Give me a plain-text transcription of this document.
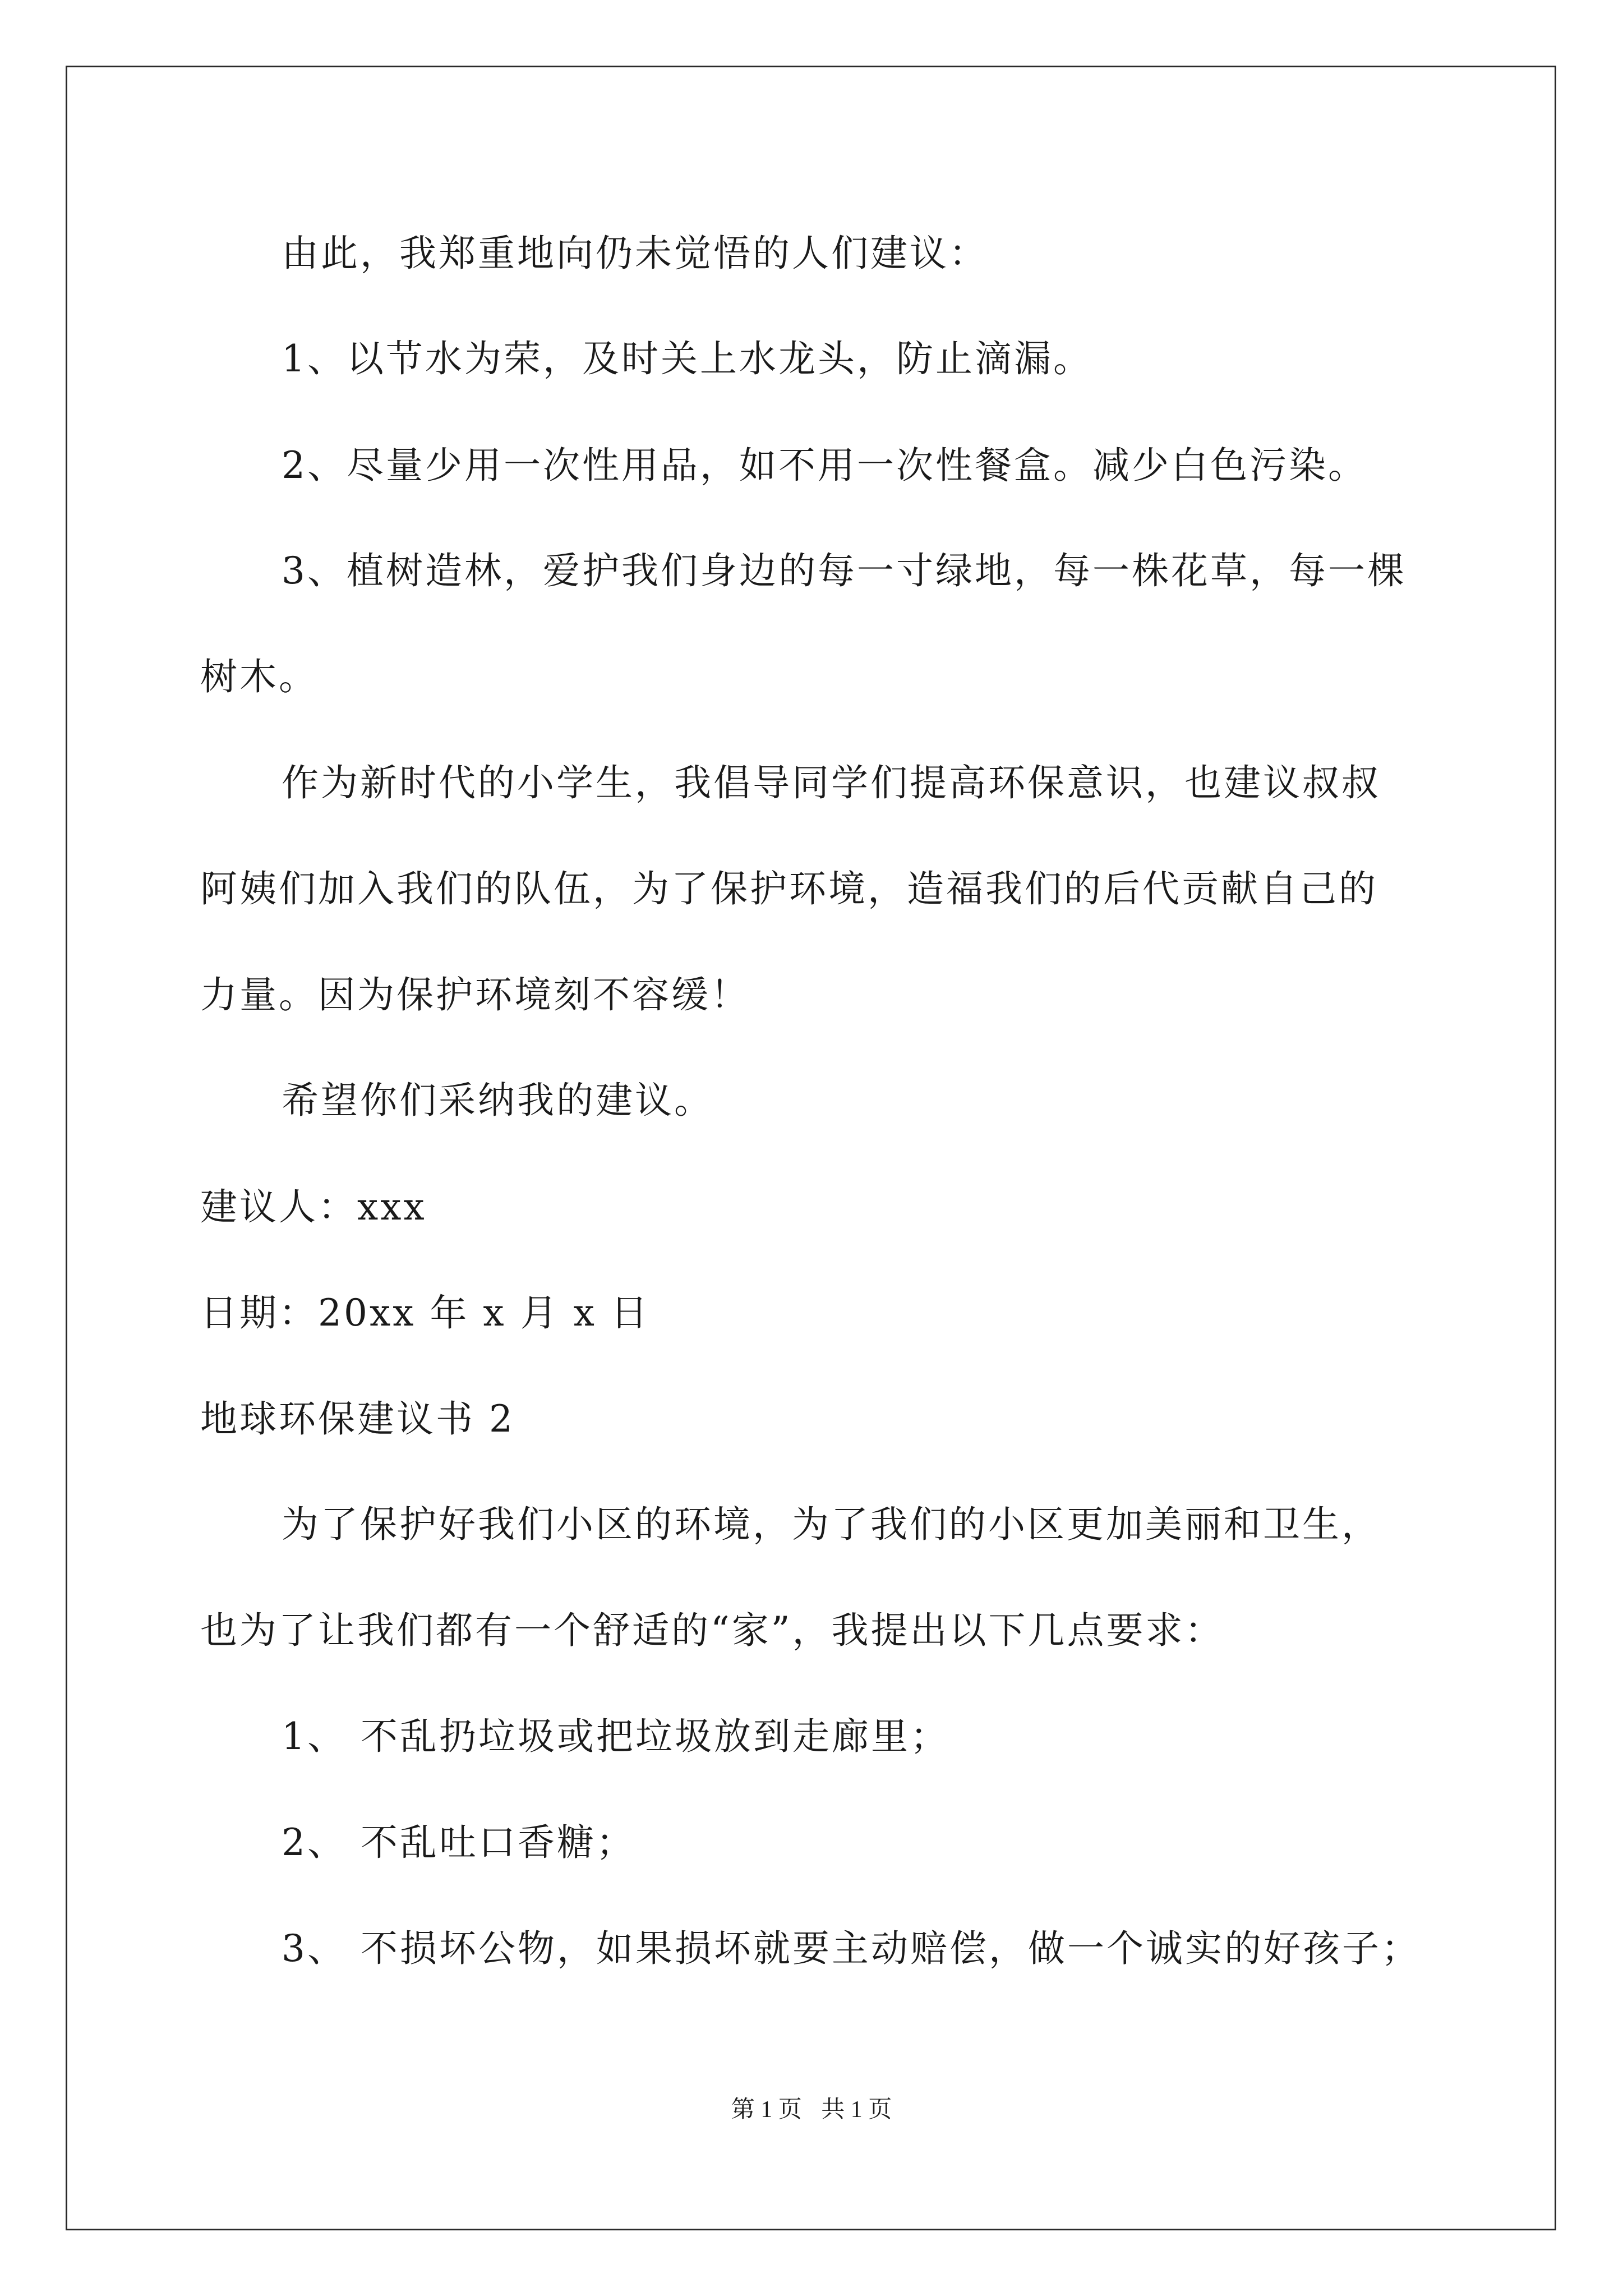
由此，我郑重地向仍未觉悟的人们建议：
1、以节水为荣，及时关上水龙头，防止滴漏。
2、尽量少用一次性用品，如不用一次性餐盒。减少白色污染。
3、植树造林，爱护我们身边的每一寸绿地，每一株花草，每一棵
树木。
作为新时代的小学生，我倡导同学们提高环保意识，也建议叔叔
阿姨们加入我们的队伍，为了保护环境，造福我们的后代贡献自己的
力量。因为保护环境刻不容缓！
希望你们采纳我的建议。
建议人：xxx
日期：20xx 年 x 月 x 日
地球环保建议书 2
为了保护好我们小区的环境，为了我们的小区更加美丽和卫生，
也为了让我们都有一个舒适的“家”，我提出以下几点要求：
1、 不乱扔垃圾或把垃圾放到走廊里；
2、 不乱吐口香糖；
3、 不损坏公物，如果损坏就要主动赔偿，做一个诚实的好孩子；
第 1 页 共 1 页
